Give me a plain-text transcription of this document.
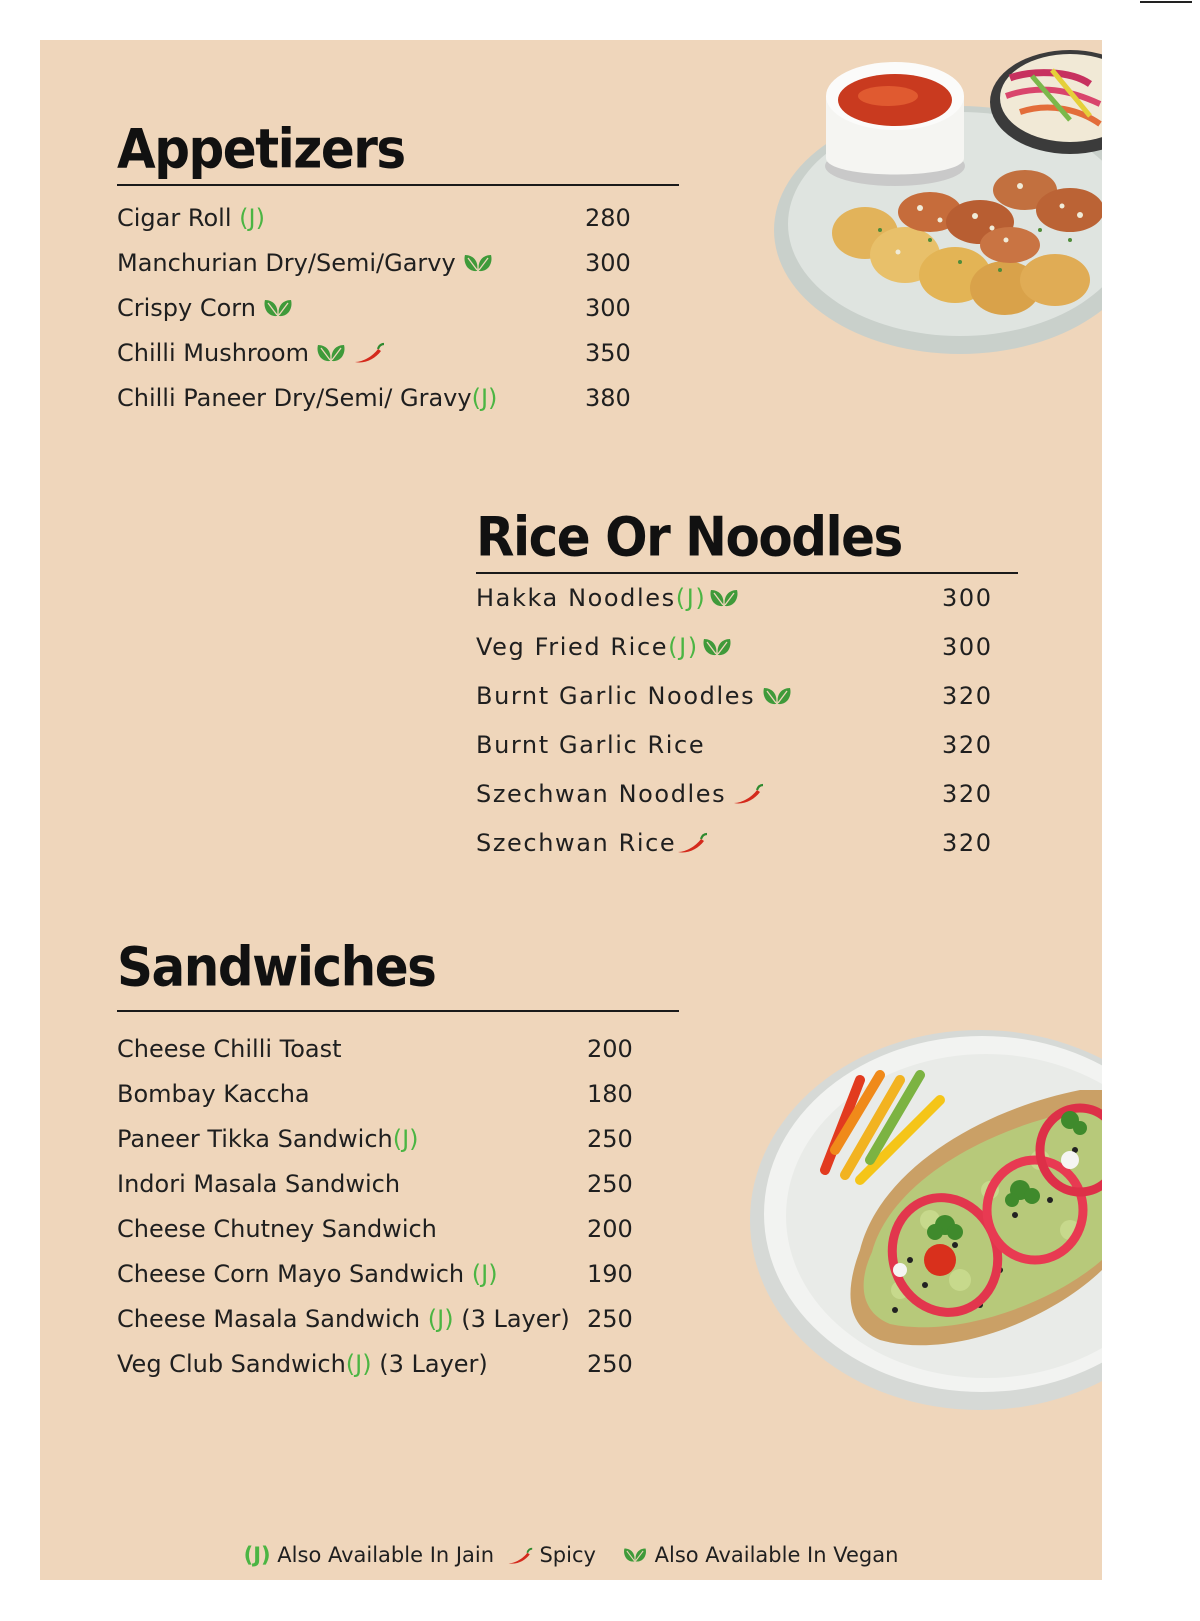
Appetizers
Cigar Roll (J)	280
Manchurian Dry/Semi/Garvy	300
Crispy Corn	300
Chilli Mushroom	350
Chilli Paneer Dry/Semi/ Gravy(J)	380
Rice Or Noodles
Hakka Noodles(J)	300
Veg Fried Rice(J)	300
Burnt Garlic Noodles	320
Burnt Garlic Rice	320
Szechwan Noodles	320
Szechwan Rice	320
Sandwiches
Cheese Chilli Toast	200
Bombay Kaccha	180
Paneer Tikka Sandwich(J)	250
Indori Masala Sandwich	250
Cheese Chutney Sandwich	200
Cheese Corn Mayo Sandwich (J)	190
Cheese Masala Sandwich (J) (3 Layer) 250
Veg Club Sandwich(J) (3 Layer)	250
(J) Also Available In Jain Spicy	Also Available In Vegan
